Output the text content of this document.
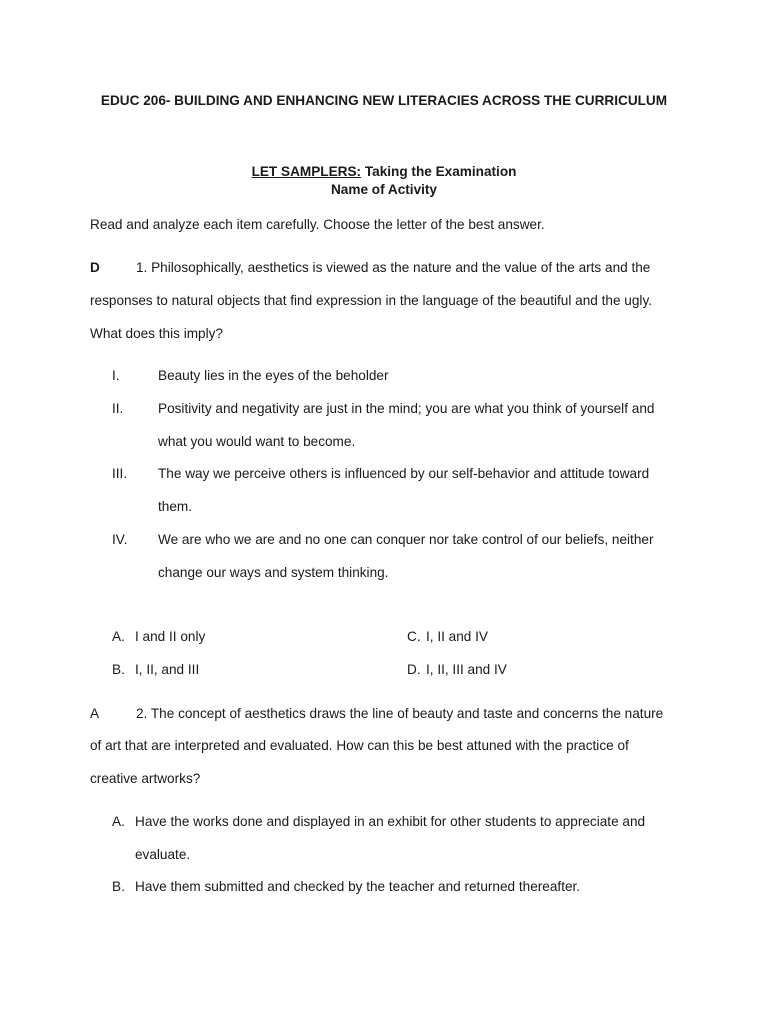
EDUC 206- BUILDING AND ENHANCING NEW LITERACIES ACROSS THE CURRICULUM
LET SAMPLERS: Taking the Examination
Name of Activity
Read and analyze each item carefully. Choose the letter of the best answer.
D	1. Philosophically, aesthetics is viewed as the nature and the value of the arts and the
responses to natural objects that find expression in the language of the beautiful and the ugly.
What does this imply?
I.	Beauty lies in the eyes of the beholder
II.	Positivity and negativity are just in the mind; you are what you think of yourself and
what you would want to become.
III. The way we perceive others is influenced by our self-behavior and attitude toward
them.
IV. We are who we are and no one can conquer nor take control of our beliefs, neither
change our ways and system thinking.
A. I and II only	C. I, II and IV
B. I, II, and III	D. I, II, III and IV
A	2. The concept of aesthetics draws the line of beauty and taste and concerns the nature
of art that are interpreted and evaluated. How can this be best attuned with the practice of
creative artworks?
A. Have the works done and displayed in an exhibit for other students to appreciate and
evaluate.
B. Have them submitted and checked by the teacher and returned thereafter.
